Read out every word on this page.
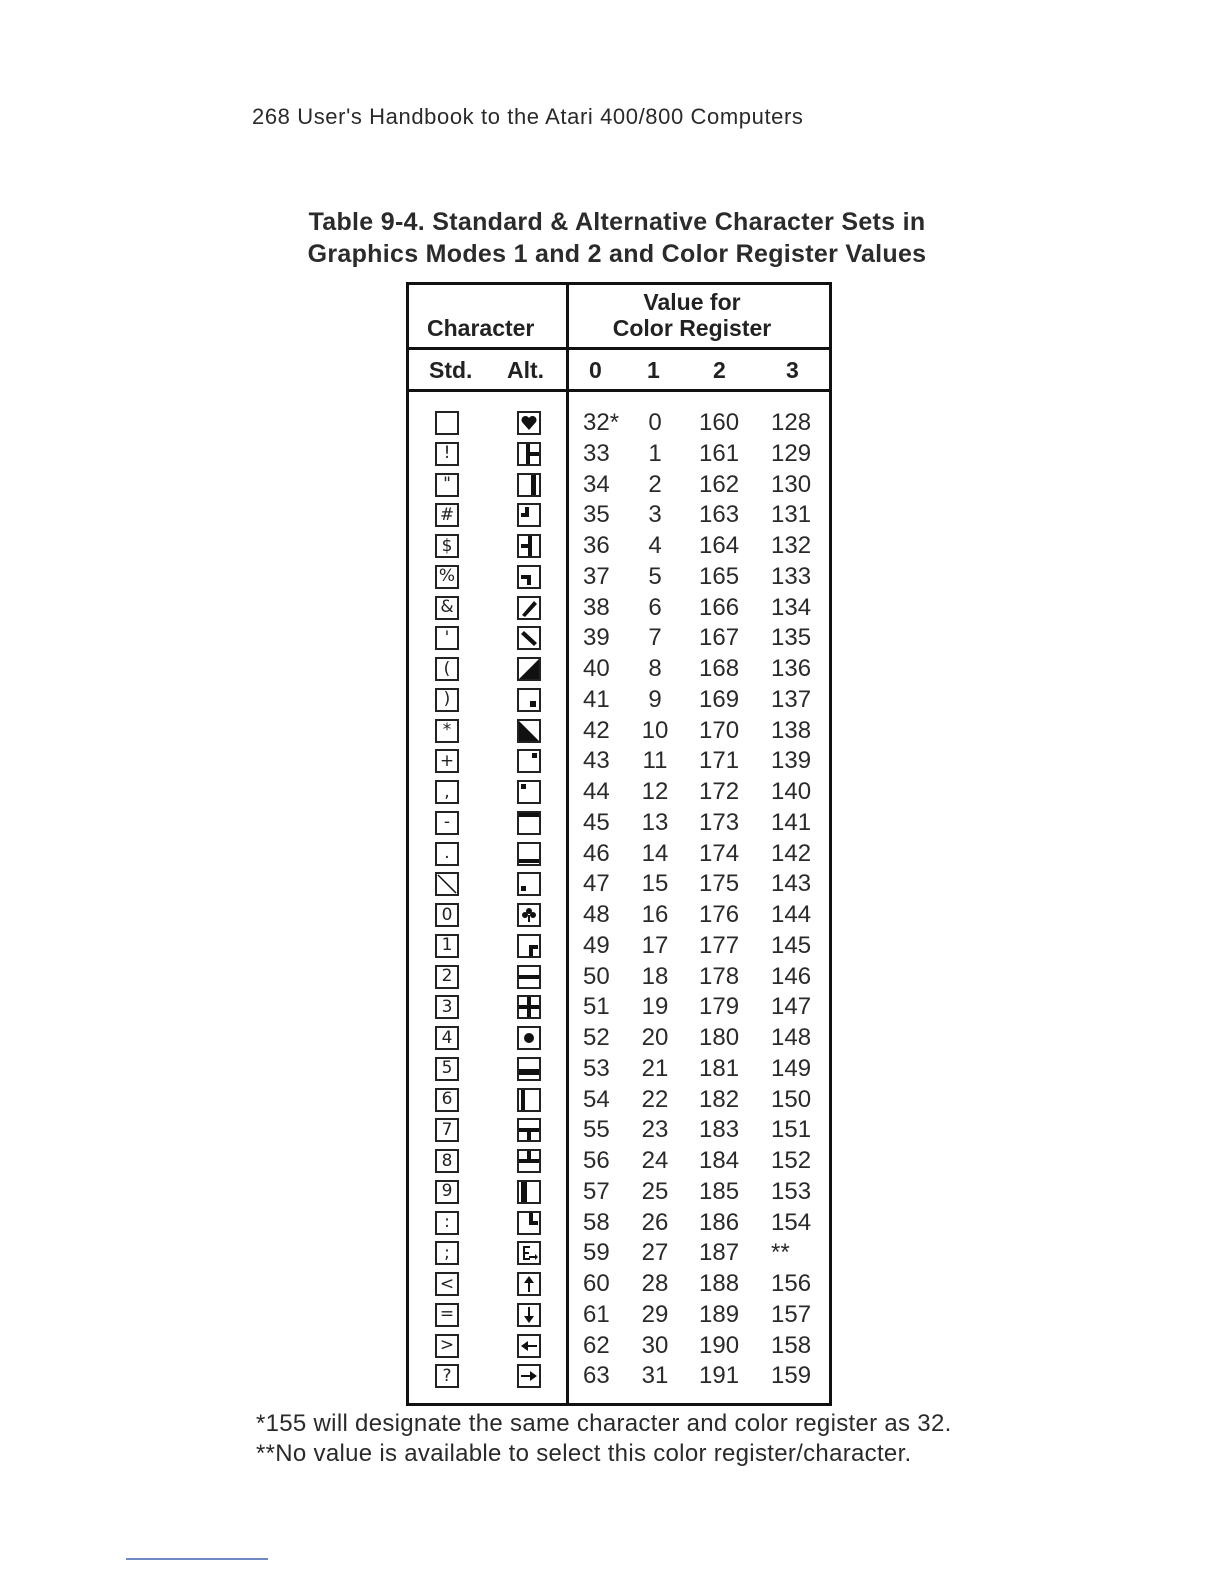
268 User's Handbook to the Atari 400/800 Computers
Table 9-4. Standard & Alternative Character Sets in
Graphics Modes 1 and 2 and Color Register Values
Character
Value for
Color Register
Std. Alt. 0 1 2	3
32*	0	160 128
!	33	1	161 129
"	34	2	162 130
#	35	3	163 131
$	36	4	164 132
%	37	5	165 133
&	38	6	166 134
'	39	7	167 135
(	40	8	168 136
)	41	9	169 137
*	42 10 170 138
+	43 11 171 139
,	44 12 172 140
-	45 13 173 141
.	46 14 174 142
47 15 175 143
0	48 16 176 144
1	49 17 177 145
2	50 18 178 146
3	51 19 179 147
4	52 20 180 148
5	53 21 181 149
6	54 22 182 150
7	55 23 183 151
8	56 24 184 152
9	57 25 185 153
:	58 26 186 154
;	59 27 187 **
<	60 28 188 156
=	61 29 189 157
>	62 30 190 158
?	63 31 191 159
*155 will designate the same character and color register as 32.
**No value is available to select this color register/character.
